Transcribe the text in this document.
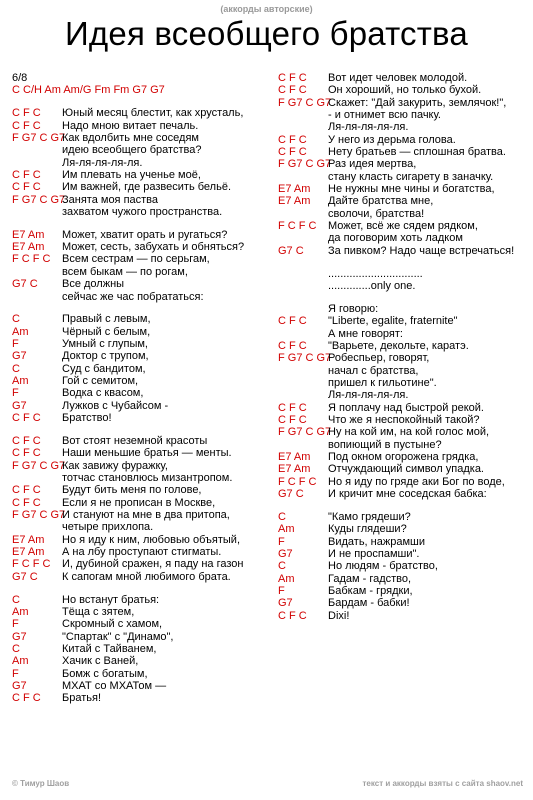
(аккорды авторские)
Идея всеобщего братства
6/8
C C/H Am Am/G Fm Fm G7 G7
C F C Юный месяц блестит, как хрусталь,
C F C Надо мною витает печаль.
F G7 C G7
Как вдолбить мне соседям
идею всеобщего братства?
Ля-ля-ля-ля-ля.
C F C Им плевать на ученье моё,
C F C Им важней, где развесить бельё.
F G7 C G7
Занята моя паства
захватом чужого пространства.
E7 Am Может, хватит орать и ругаться?
E7 Am Может, сесть, забухать и обняться?
F C F C Всем сестрам — по серьгам,
всем быкам — по рогам,
G7 C Все должны
сейчас же час побрататься:
C	Правый с левым,
Am	Чёрный с белым,
F	Умный с глупым,
G7	Доктор с трупом,
C	Суд с бандитом,
Am	Гой с семитом,
F	Водка с квасом,
G7	Лужков с Чубайсом -
C F C Братство!
C F C Вот стоят неземной красоты
C F C Наши меньшие братья — менты.
F G7 C G7
Как завижу фуражку,
тотчас становлюсь мизантропом.
C F C Будут бить меня по голове,
C F C Если я не прописан в Москве,
F G7 C G7
И стануют на мне в два притопа,
четыре прихлопа.
E7 Am Но я иду к ним, любовью объятый,
E7 Am А на лбу проступают стигматы.
F C F C И, дубиной сражен, я паду на газон
G7 C К сапогам мной любимого брата.
C	Но встанут братья:
Am	Тёща с зятем,
F	Скромный с хамом,
G7	"Спартак" с "Динамо",
C	Китай с Тайванем,
Am	Хачик с Ваней,
F	Бомж с богатым,
G7	МХАТ со МХАТом —
C F C Братья!
C F C Вот идет человек молодой.
C F C Он хороший, но только бухой.
F G7 C G7
Скажет: "Дай закурить, землячок!",
- и отнимет всю пачку.
Ля-ля-ля-ля-ля.
C F C У него из дерьма голова.
C F C Нету братьев — сплошная братва.
F G7 C G7
Раз идея мертва,
стану класть сигарету в заначку.
E7 Am Не нужны мне чины и богатства,
E7 Am Дайте братства мне,
сволочи, братства!
F C F C Может, всё же сядем рядком,
да поговорим хоть ладком
G7 C За пивком? Надо чаще встречаться!
...............................
..............only one.
Я говорю:
C F C "Liberte, egalite, fraternite"
А мне говорят:
C F C "Варьете, декольте, каратэ.
F G7 C G7
Робеспьер, говорят,
начал с братства,
пришел к гильотине".
Ля-ля-ля-ля-ля.
C F C Я поплачу над быстрой рекой.
C F C Что же я неспокойный такой?
F G7 C G7
Ну на кой им, на кой голос мой,
вопиющий в пустыне?
E7 Am Под окном огорожена грядка,
E7 Am Отчуждающий символ упадка.
F C F C Но я иду по гряде аки Бог по воде,
G7 C И кричит мне соседская бабка:
C	"Камо грядеши?
Am	Куды глядеши?
F	Видать, нажрамши
G7	И не проспамши".
C	Но людям - братство,
Am	Гадам - гадство,
F	Бабкам - грядки,
G7	Бардам - бабки!
C F C Dixi!
© Тимур Шаов	текст и аккорды взяты с сайта shaov.net
